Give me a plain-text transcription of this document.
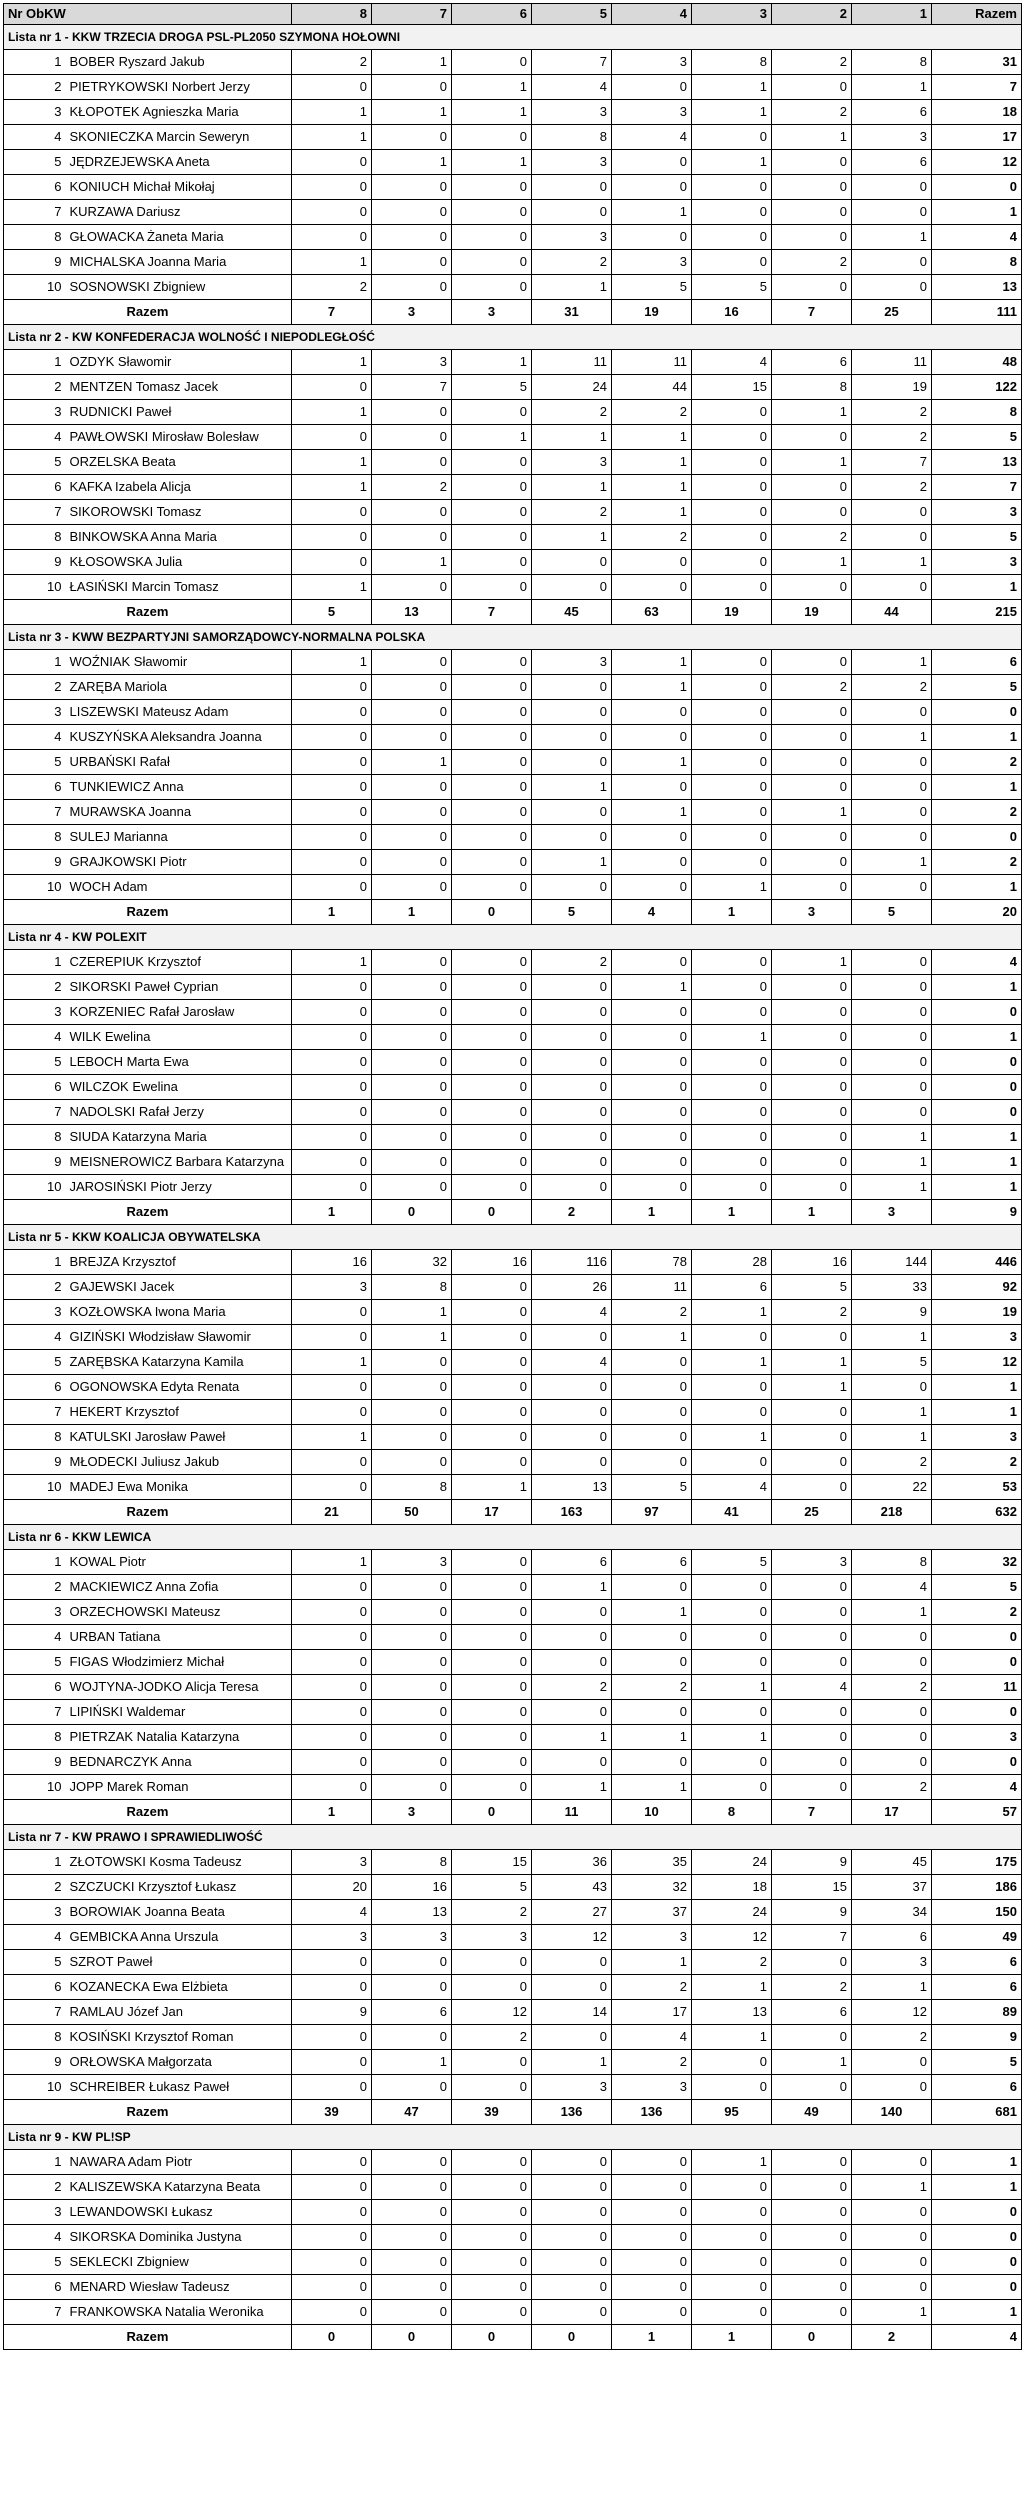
Nr ObKW		8	7	6	5	4	3	2	1	Razem
Lista nr 1 - KKW TRZECIA DROGA PSL-PL2050 SZYMONA HOŁOWNI										
1	BOBER Ryszard Jakub	2	1	0	7	3	8	2	8	31
2	PIETRYKOWSKI Norbert Jerzy	0	0	1	4	0	1	0	1	7
3	KŁOPOTEK Agnieszka Maria	1	1	1	3	3	1	2	6	18
4	SKONIECZKA Marcin Seweryn	1	0	0	8	4	0	1	3	17
5	JĘDRZEJEWSKA Aneta	0	1	1	3	0	1	0	6	12
6	KONIUCH Michał Mikołaj	0	0	0	0	0	0	0	0	0
7	KURZAWA Dariusz	0	0	0	0	1	0	0	0	1
8	GŁOWACKA Żaneta Maria	0	0	0	3	0	0	0	1	4
9	MICHALSKA Joanna Maria	1	0	0	2	3	0	2	0	8
10	SOSNOWSKI Zbigniew	2	0	0	1	5	5	0	0	13
Razem		7	3	3	31	19	16	7	25	111
Lista nr 2 - KW KONFEDERACJA WOLNOŚĆ I NIEPODLEGŁOŚĆ										
1	OZDYK Sławomir	1	3	1	11	11	4	6	11	48
2	MENTZEN Tomasz Jacek	0	7	5	24	44	15	8	19	122
3	RUDNICKI Paweł	1	0	0	2	2	0	1	2	8
4	PAWŁOWSKI Mirosław Bolesław	0	0	1	1	1	0	0	2	5
5	ORZELSKA Beata	1	0	0	3	1	0	1	7	13
6	KAFKA Izabela Alicja	1	2	0	1	1	0	0	2	7
7	SIKOROWSKI Tomasz	0	0	0	2	1	0	0	0	3
8	BINKOWSKA Anna Maria	0	0	0	1	2	0	2	0	5
9	KŁOSOWSKA Julia	0	1	0	0	0	0	1	1	3
10	ŁASIŃSKI Marcin Tomasz	1	0	0	0	0	0	0	0	1
Razem		5	13	7	45	63	19	19	44	215
Lista nr 3 - KWW BEZPARTYJNI SAMORZĄDOWCY-NORMALNA POLSKA										
1	WOŹNIAK Sławomir	1	0	0	3	1	0	0	1	6
2	ZARĘBA Mariola	0	0	0	0	1	0	2	2	5
3	LISZEWSKI Mateusz Adam	0	0	0	0	0	0	0	0	0
4	KUSZYŃSKA Aleksandra Joanna	0	0	0	0	0	0	0	1	1
5	URBAŃSKI Rafał	0	1	0	0	1	0	0	0	2
6	TUNKIEWICZ Anna	0	0	0	1	0	0	0	0	1
7	MURAWSKA Joanna	0	0	0	0	1	0	1	0	2
8	SULEJ Marianna	0	0	0	0	0	0	0	0	0
9	GRAJKOWSKI Piotr	0	0	0	1	0	0	0	1	2
10	WOCH Adam	0	0	0	0	0	1	0	0	1
Razem		1	1	0	5	4	1	3	5	20
Lista nr 4 - KW POLEXIT										
1	CZEREPIUK Krzysztof	1	0	0	2	0	0	1	0	4
2	SIKORSKI Paweł Cyprian	0	0	0	0	1	0	0	0	1
3	KORZENIEC Rafał Jarosław	0	0	0	0	0	0	0	0	0
4	WILK Ewelina	0	0	0	0	0	1	0	0	1
5	LEBOCH Marta Ewa	0	0	0	0	0	0	0	0	0
6	WILCZOK Ewelina	0	0	0	0	0	0	0	0	0
7	NADOLSKI Rafał Jerzy	0	0	0	0	0	0	0	0	0
8	SIUDA Katarzyna Maria	0	0	0	0	0	0	0	1	1
9	MEISNEROWICZ Barbara Katarzyna	0	0	0	0	0	0	0	1	1
10	JAROSIŃSKI Piotr Jerzy	0	0	0	0	0	0	0	1	1
Razem		1	0	0	2	1	1	1	3	9
Lista nr 5 - KKW KOALICJA OBYWATELSKA										
1	BREJZA Krzysztof	16	32	16	116	78	28	16	144	446
2	GAJEWSKI Jacek	3	8	0	26	11	6	5	33	92
3	KOZŁOWSKA Iwona Maria	0	1	0	4	2	1	2	9	19
4	GIZIŃSKI Włodzisław Sławomir	0	1	0	0	1	0	0	1	3
5	ZARĘBSKA Katarzyna Kamila	1	0	0	4	0	1	1	5	12
6	OGONOWSKA Edyta Renata	0	0	0	0	0	0	1	0	1
7	HEKERT Krzysztof	0	0	0	0	0	0	0	1	1
8	KATULSKI Jarosław Paweł	1	0	0	0	0	1	0	1	3
9	MŁODECKI Juliusz Jakub	0	0	0	0	0	0	0	2	2
10	MADEJ Ewa Monika	0	8	1	13	5	4	0	22	53
Razem		21	50	17	163	97	41	25	218	632
Lista nr 6 - KKW LEWICA										
1	KOWAL Piotr	1	3	0	6	6	5	3	8	32
2	MACKIEWICZ Anna Zofia	0	0	0	1	0	0	0	4	5
3	ORZECHOWSKI Mateusz	0	0	0	0	1	0	0	1	2
4	URBAN Tatiana	0	0	0	0	0	0	0	0	0
5	FIGAS Włodzimierz Michał	0	0	0	0	0	0	0	0	0
6	WOJTYNA-JODKO Alicja Teresa	0	0	0	2	2	1	4	2	11
7	LIPIŃSKI Waldemar	0	0	0	0	0	0	0	0	0
8	PIETRZAK Natalia Katarzyna	0	0	0	1	1	1	0	0	3
9	BEDNARCZYK Anna	0	0	0	0	0	0	0	0	0
10	JOPP Marek Roman	0	0	0	1	1	0	0	2	4
Razem		1	3	0	11	10	8	7	17	57
Lista nr 7 - KW PRAWO I SPRAWIEDLIWOŚĆ										
1	ZŁOTOWSKI Kosma Tadeusz	3	8	15	36	35	24	9	45	175
2	SZCZUCKI Krzysztof Łukasz	20	16	5	43	32	18	15	37	186
3	BOROWIAK Joanna Beata	4	13	2	27	37	24	9	34	150
4	GEMBICKA Anna Urszula	3	3	3	12	3	12	7	6	49
5	SZROT Paweł	0	0	0	0	1	2	0	3	6
6	KOZANECKA Ewa Elżbieta	0	0	0	0	2	1	2	1	6
7	RAMLAU Józef Jan	9	6	12	14	17	13	6	12	89
8	KOSIŃSKI Krzysztof Roman	0	0	2	0	4	1	0	2	9
9	ORŁOWSKA Małgorzata	0	1	0	1	2	0	1	0	5
10	SCHREIBER Łukasz Paweł	0	0	0	3	3	0	0	0	6
Razem		39	47	39	136	136	95	49	140	681
Lista nr 9 - KW PL!SP										
1	NAWARA Adam Piotr	0	0	0	0	0	1	0	0	1
2	KALISZEWSKA Katarzyna Beata	0	0	0	0	0	0	0	1	1
3	LEWANDOWSKI Łukasz	0	0	0	0	0	0	0	0	0
4	SIKORSKA Dominika Justyna	0	0	0	0	0	0	0	0	0
5	SEKLECKI Zbigniew	0	0	0	0	0	0	0	0	0
6	MENARD Wiesław Tadeusz	0	0	0	0	0	0	0	0	0
7	FRANKOWSKA Natalia Weronika	0	0	0	0	0	0	0	1	1
Razem		0	0	0	0	1	1	0	2	4
